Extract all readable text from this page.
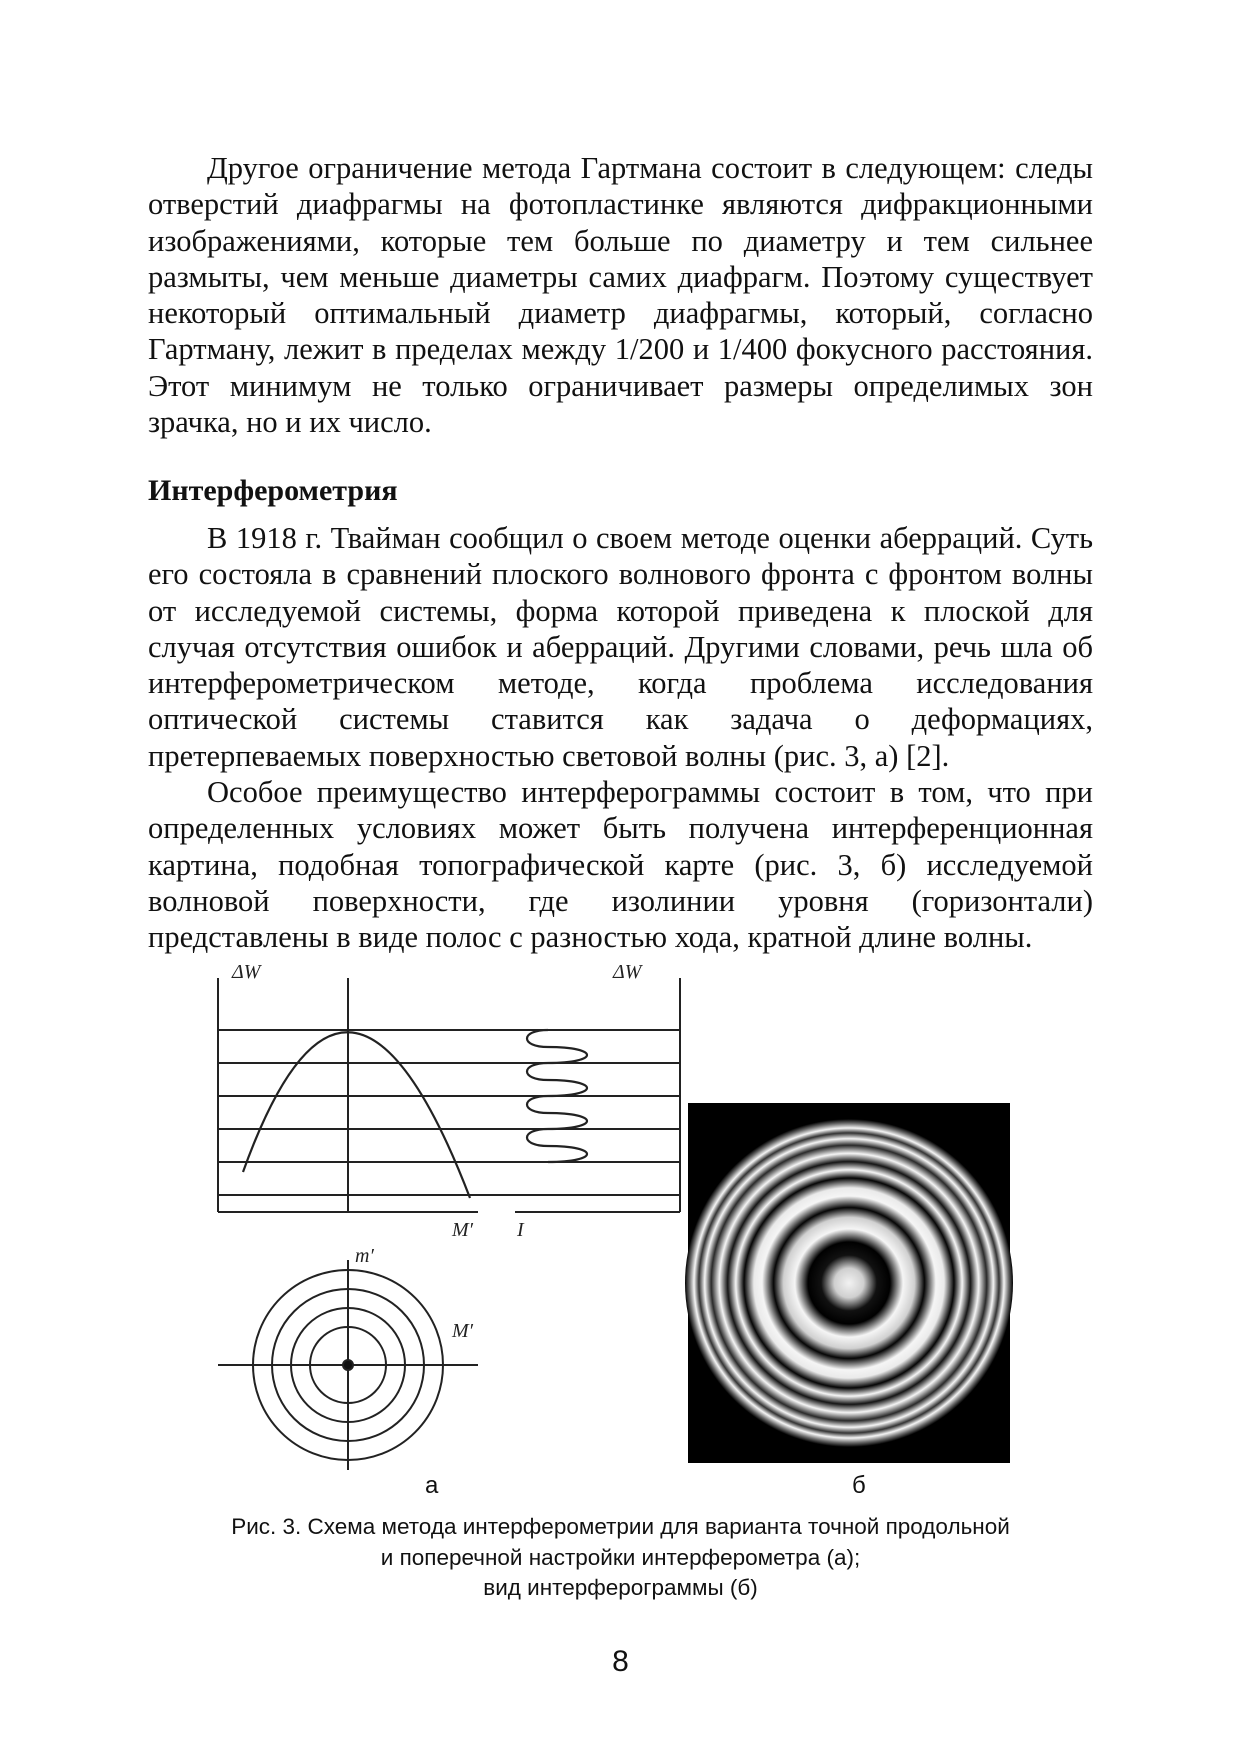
Другое ограничение метода Гартмана состоит в следующем: следы отверстий диафрагмы на фотопластинке являются дифракционными изображениями, которые тем больше по диаметру и тем сильнее размыты, чем меньше диаметры самих диафрагм. Поэтому существует некоторый оптимальный диаметр диафрагмы, который, согласно Гартману, лежит в пределах между 1/200 и 1/400 фокусного расстояния. Этот минимум не только ограничивает размеры определимых зон зрачка, но и их число.

Интерферометрия

В 1918 г. Твайман сообщил о своем методе оценки аберраций. Суть его состояла в сравнений плоского волнового фронта с фронтом волны от исследуемой системы, форма которой приведена к плоской для случая отсутствия ошибок и аберраций. Другими словами, речь шла об интерферометрическом методе, когда проблема исследования оптической системы ставится как задача о деформациях, претерпеваемых поверхностью световой волны (рис. 3, а) [2].

Особое преимущество интерферограммы состоит в том, что при определенных условиях может быть получена интерференционная картина, подобная топографической карте (рис. 3, б) исследуемой волновой поверхности, где изолинии уровня (горизонтали) представлены в виде полос с разностью хода, кратной длине волны.

ΔW	ΔW
M′ I
m′
M′
а	б
Рис. 3. Схема метода интерферометрии для варианта точной продольной
и поперечной настройки интерферометра (а);
вид интерферограммы (б)
8
